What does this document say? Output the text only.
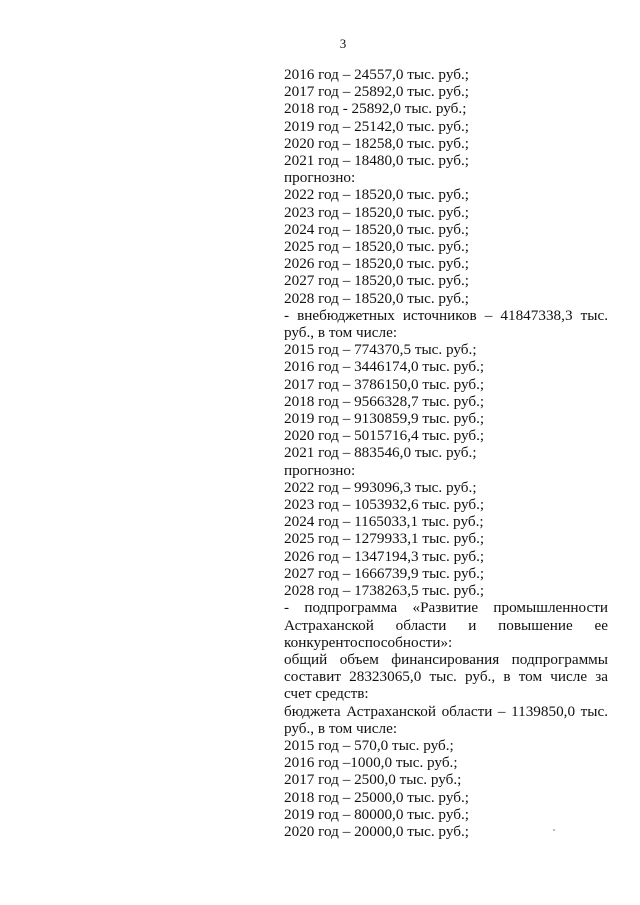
3
2016 год – 24557,0 тыс. руб.;
2017 год – 25892,0 тыс. руб.;
2018 год - 25892,0 тыс. руб.;
2019 год – 25142,0 тыс. руб.;
2020 год – 18258,0 тыс. руб.;
2021 год – 18480,0 тыс. руб.;
прогнозно:
2022 год – 18520,0 тыс. руб.;
2023 год – 18520,0 тыс. руб.;
2024 год – 18520,0 тыс. руб.;
2025 год – 18520,0 тыс. руб.;
2026 год – 18520,0 тыс. руб.;
2027 год – 18520,0 тыс. руб.;
2028 год – 18520,0 тыс. руб.;
- внебюджетных источников – 41847338,3 тыс. руб., в том числе:
2015 год – 774370,5 тыс. руб.;
2016 год – 3446174,0 тыс. руб.;
2017 год – 3786150,0 тыс. руб.;
2018 год – 9566328,7 тыс. руб.;
2019 год – 9130859,9 тыс. руб.;
2020 год – 5015716,4 тыс. руб.;
2021 год – 883546,0 тыс. руб.;
прогнозно:
2022 год – 993096,3 тыс. руб.;
2023 год – 1053932,6 тыс. руб.;
2024 год – 1165033,1 тыс. руб.;
2025 год – 1279933,1 тыс. руб.;
2026 год – 1347194,3 тыс. руб.;
2027 год – 1666739,9 тыс. руб.;
2028 год – 1738263,5 тыс. руб.;
- подпрограмма «Развитие промышленности Астраханской области и повышение ее конкурентоспособности»:
общий объем финансирования подпрограммы составит 28323065,0 тыс. руб., в том числе за счет средств:
бюджета Астраханской области – 1139850,0 тыс. руб., в том числе:
2015 год – 570,0 тыс. руб.;
2016 год –1000,0 тыс. руб.;
2017 год – 2500,0 тыс. руб.;
2018 год – 25000,0 тыс. руб.;
2019 год – 80000,0 тыс. руб.;
2020 год – 20000,0 тыс. руб.;
